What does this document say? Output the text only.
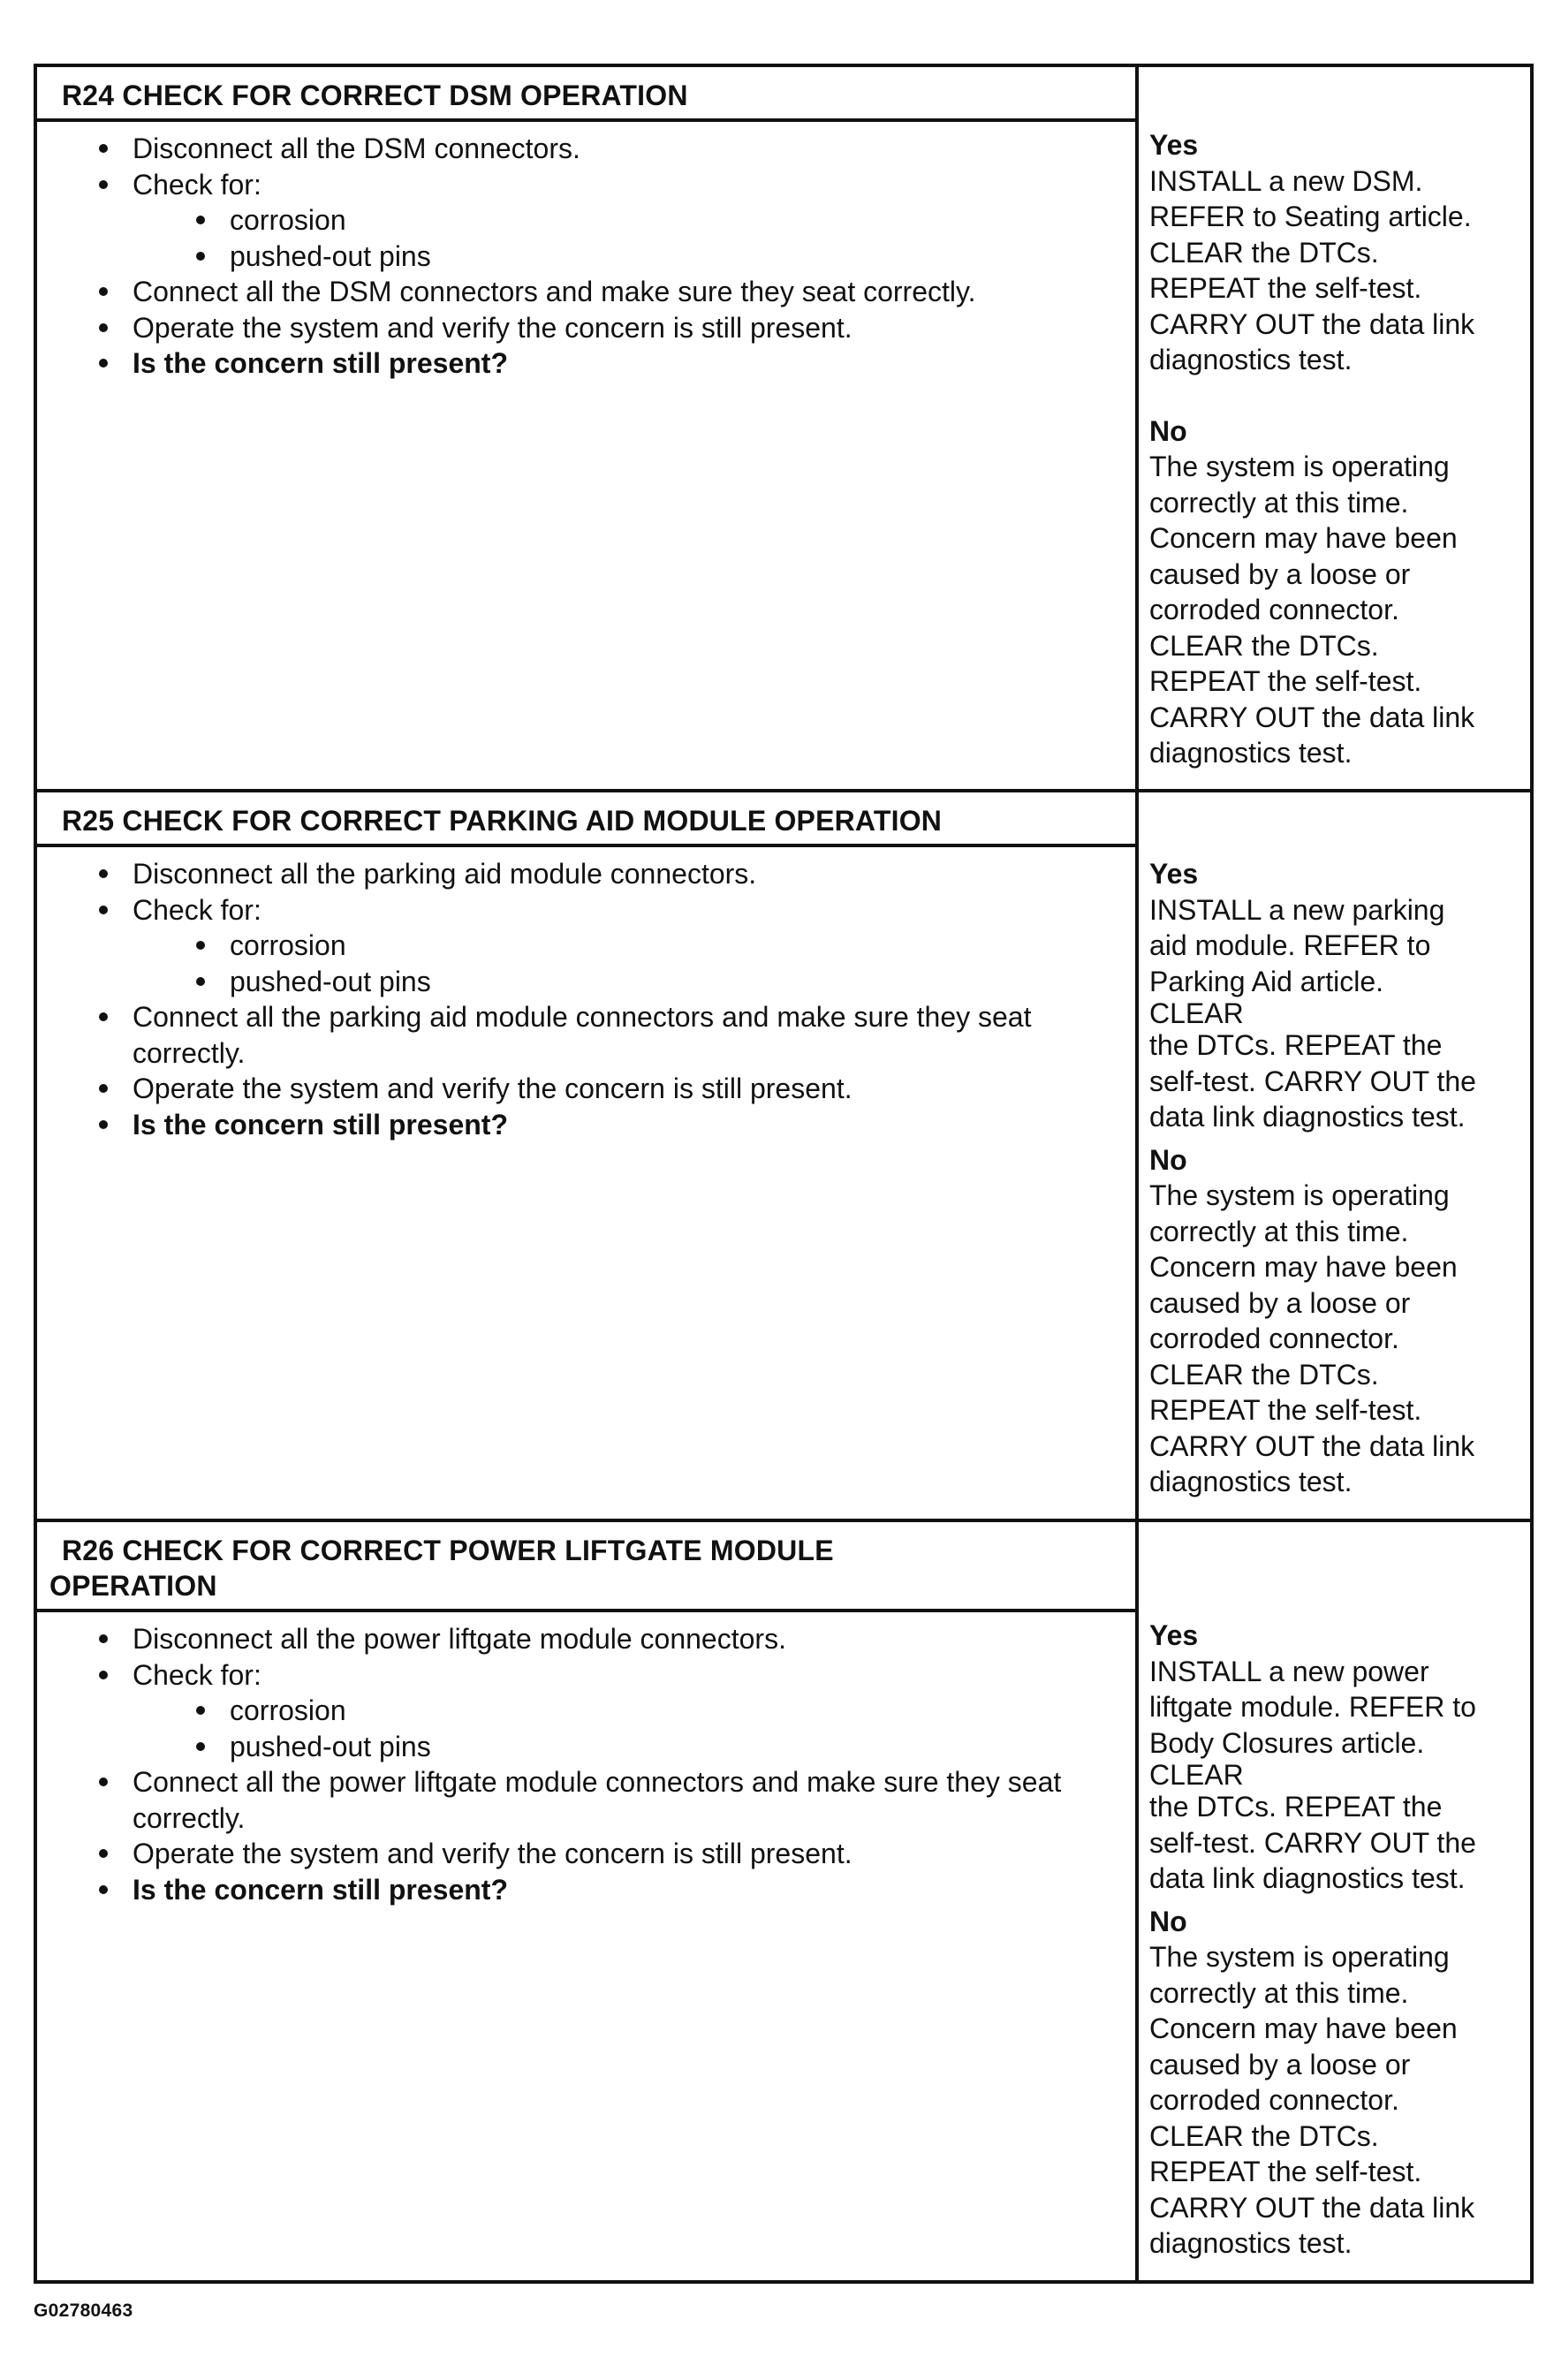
R24 CHECK FOR CORRECT DSM OPERATION
Disconnect all the DSM connectors.
Check for:
corrosion
pushed-out pins
Connect all the DSM connectors and make sure they seat correctly.
Operate the system and verify the concern is still present.
Is the concern still present?
Yes

INSTALL a new DSM.
REFER to Seating article.
CLEAR the DTCs.
REPEAT the self-test.
CARRY OUT the data link
diagnostics test.

No

The system is operating
correctly at this time.
Concern may have been
caused by a loose or
corroded connector.
CLEAR the DTCs.
REPEAT the self-test.
CARRY OUT the data link
diagnostics test.

R25 CHECK FOR CORRECT PARKING AID MODULE OPERATION
Disconnect all the parking aid module connectors.
Check for:
corrosion
pushed-out pins
Connect all the parking aid module connectors and make sure they seat correctly.
Operate the system and verify the concern is still present.
Is the concern still present?
Yes

INSTALL a new parking
aid module. REFER to
Parking Aid article.
CLEAR
the DTCs. REPEAT the
self-test. CARRY OUT the
data link diagnostics test.

No

The system is operating
correctly at this time.
Concern may have been
caused by a loose or
corroded connector.
CLEAR the DTCs.
REPEAT the self-test.
CARRY OUT the data link
diagnostics test.

R26 CHECK FOR CORRECT POWER LIFTGATE MODULE
OPERATION
Disconnect all the power liftgate module connectors.
Check for:
corrosion
pushed-out pins
Connect all the power liftgate module connectors and make sure they seat correctly.
Operate the system and verify the concern is still present.
Is the concern still present?
Yes

INSTALL a new power
liftgate module. REFER to
Body Closures article.
CLEAR
the DTCs. REPEAT the
self-test. CARRY OUT the
data link diagnostics test.

No

The system is operating
correctly at this time.
Concern may have been
caused by a loose or
corroded connector.
CLEAR the DTCs.
REPEAT the self-test.
CARRY OUT the data link
diagnostics test.

G02780463
